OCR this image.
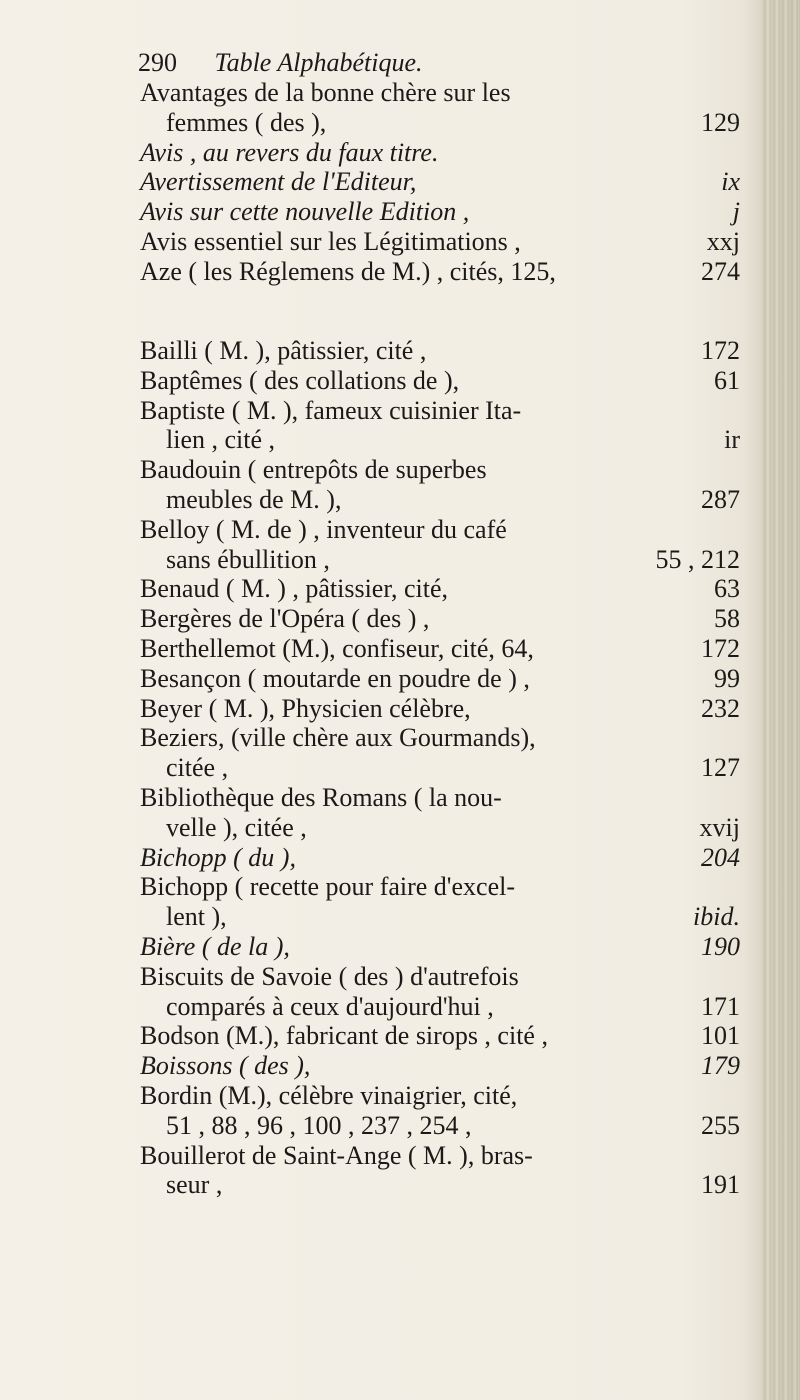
290 Table Alphabétique.
Avantages de la bonne chère sur les
femmes ( des ),	129
Avis , au revers du faux titre.
Avertissement de l'Editeur,	ix
Avis sur cette nouvelle Edition ,	j
Avis essentiel sur les Légitimations ,	xxj
Aze ( les Réglemens de M.) , cités, 125,	274
Bailli ( M. ), pâtissier, cité ,	172
Baptêmes ( des collations de ),	61
Baptiste ( M. ), fameux cuisinier Ita-
lien , cité ,	ir
Baudouin ( entrepôts de superbes
meubles de M. ),	287
Belloy ( M. de ) , inventeur du café
sans ébullition ,	55 , 212
Benaud ( M. ) , pâtissier, cité,	63
Bergères de l'Opéra ( des ) ,	58
Berthellemot (M.), confiseur, cité, 64,	172
Besançon ( moutarde en poudre de ) ,	99
Beyer ( M. ), Physicien célèbre,	232
Beziers, (ville chère aux Gourmands),
citée ,	127
Bibliothèque des Romans ( la nou-
velle ), citée ,	xvij
Bichopp ( du ),	204
Bichopp ( recette pour faire d'excel-
lent ),	ibid.
Bière ( de la ),	190
Biscuits de Savoie ( des ) d'autrefois
comparés à ceux d'aujourd'hui ,	171
Bodson (M.), fabricant de sirops , cité ,	101
Boissons ( des ),	179
Bordin (M.), célèbre vinaigrier, cité,
51 , 88 , 96 , 100 , 237 , 254 ,	255
Bouillerot de Saint-Ange ( M. ), bras-
seur ,	191
